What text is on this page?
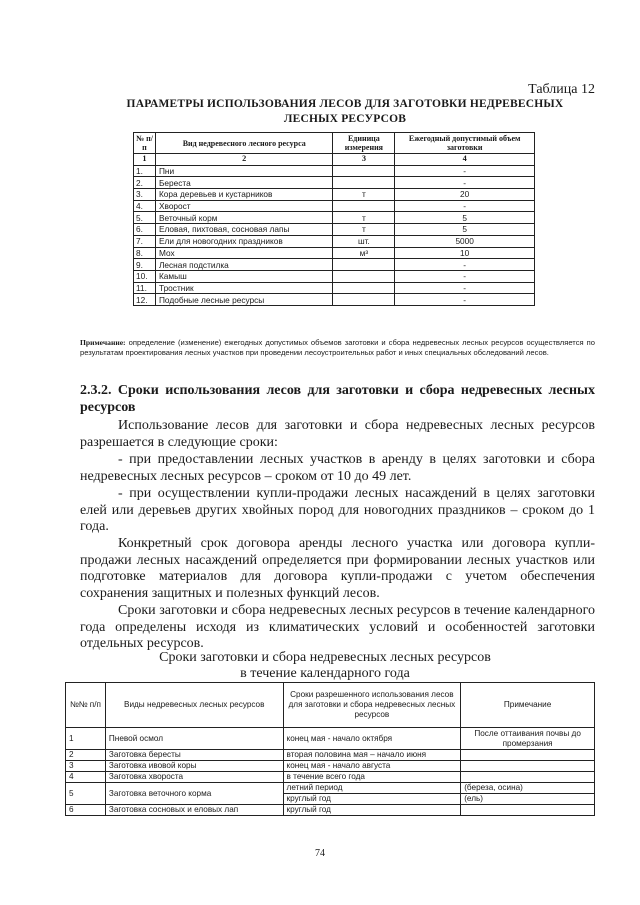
Таблица 12
ПАРАМЕТРЫ ИСПОЛЬЗОВАНИЯ ЛЕСОВ ДЛЯ ЗАГОТОВКИ НЕДРЕВЕСНЫХ
ЛЕСНЫХ РЕСУРСОВ
№ п/п	Вид недревесного лесного ресурса	Единица измерения	Ежегодный допустимый объем заготовки
1	2	3	4
1.	Пни		-
2.	Береста		-
3.	Кора деревьев и кустарников	т	20
4.	Хворост		-
5.	Веточный корм	т	5
6.	Еловая, пихтовая, сосновая лапы	т	5
7.	Ели для новогодних праздников	шт.	5000
8.	Мох	м³	10
9.	Лесная подстилка		-
10.	Камыш		-
11.	Тростник		-
12.	Подобные лесные ресурсы		-
Примечание: определение (изменение) ежегодных допустимых объемов заготовки и сбора недревесных лесных ресурсов осуществляется по результатам проектирования лесных участков при проведении лесоустроительных работ и иных специальных обследований лесов.
2.3.2. Сроки использования лесов для заготовки и сбора недревесных лесных ресурсов
Использование лесов для заготовки и сбора недревесных лесных ресурсов разрешается в следующие сроки:
- при предоставлении лесных участков в аренду в целях заготовки и сбора недревесных лесных ресурсов – сроком от 10 до 49 лет.
- при осуществлении купли-продажи лесных насаждений в целях заготовки елей или деревьев других хвойных пород для новогодних праздников – сроком до 1 года.
Конкретный срок договора аренды лесного участка или договора купли-продажи лесных насаждений определяется при формировании лесных участков или подготовке материалов для договора купли-продажи с учетом обеспечения сохранения защитных и полезных функций лесов.
Сроки заготовки и сбора недревесных лесных ресурсов в течение календарного года определены исходя из климатических условий и особенностей заготовки отдельных ресурсов.
Сроки заготовки и сбора недревесных лесных ресурсов
в течение календарного года
№№ п/п	Виды недревесных лесных ресурсов	Сроки разрешенного использования лесов для заготовки и сбора недревесных лесных ресурсов	Примечание
1	Пневой осмол	конец мая - начало октября	После оттаивания почвы до промерзания
2	Заготовка бересты	вторая половина мая – начало июня	
3	Заготовка ивовой коры	конец мая - начало августа	
4	Заготовка хвороста	в течение всего года	
5	Заготовка веточного корма	летний период	(береза, осина)
		круглый год	(ель)
6	Заготовка сосновых и еловых лап	круглый год	
74
